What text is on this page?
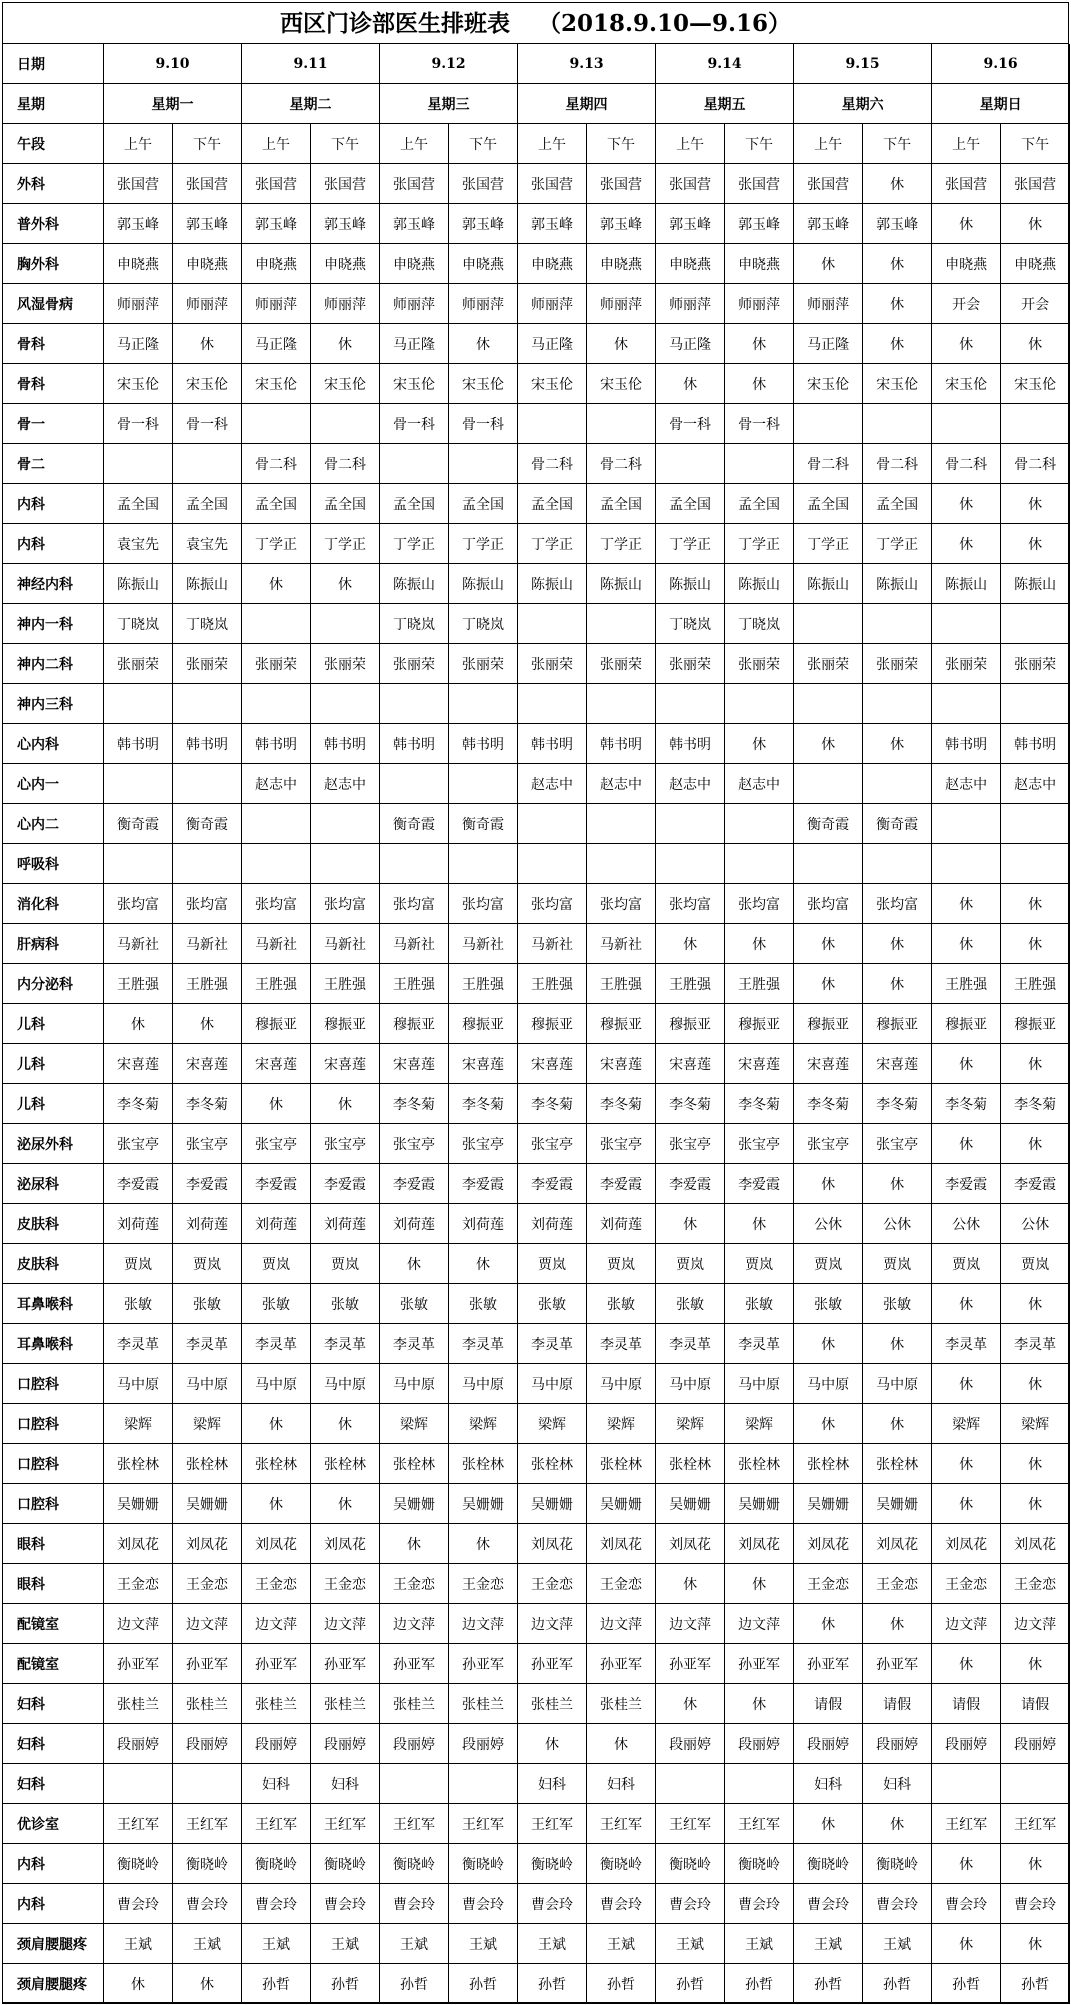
西区门诊部医生排班表 （2018.9.10—9.16）
日期	9.10		9.11		9.12		9.13		9.14		9.15		9.16	
星期	星期一		星期二		星期三		星期四		星期五		星期六		星期日	
午段	上午	下午	上午	下午	上午	下午	上午	下午	上午	下午	上午	下午	上午	下午
外科	张国营	张国营	张国营	张国营	张国营	张国营	张国营	张国营	张国营	张国营	张国营	休	张国营	张国营
普外科	郭玉峰	郭玉峰	郭玉峰	郭玉峰	郭玉峰	郭玉峰	郭玉峰	郭玉峰	郭玉峰	郭玉峰	郭玉峰	郭玉峰	休	休
胸外科	申晓燕	申晓燕	申晓燕	申晓燕	申晓燕	申晓燕	申晓燕	申晓燕	申晓燕	申晓燕	休	休	申晓燕	申晓燕
风湿骨病	师丽萍	师丽萍	师丽萍	师丽萍	师丽萍	师丽萍	师丽萍	师丽萍	师丽萍	师丽萍	师丽萍	休	开会	开会
骨科	马正隆	休	马正隆	休	马正隆	休	马正隆	休	马正隆	休	马正隆	休	休	休
骨科	宋玉伦	宋玉伦	宋玉伦	宋玉伦	宋玉伦	宋玉伦	宋玉伦	宋玉伦	休	休	宋玉伦	宋玉伦	宋玉伦	宋玉伦
骨一	骨一科	骨一科			骨一科	骨一科			骨一科	骨一科				
骨二			骨二科	骨二科			骨二科	骨二科			骨二科	骨二科	骨二科	骨二科
内科	孟全国	孟全国	孟全国	孟全国	孟全国	孟全国	孟全国	孟全国	孟全国	孟全国	孟全国	孟全国	休	休
内科	袁宝先	袁宝先	丁学正	丁学正	丁学正	丁学正	丁学正	丁学正	丁学正	丁学正	丁学正	丁学正	休	休
神经内科	陈振山	陈振山	休	休	陈振山	陈振山	陈振山	陈振山	陈振山	陈振山	陈振山	陈振山	陈振山	陈振山
神内一科	丁晓岚	丁晓岚			丁晓岚	丁晓岚			丁晓岚	丁晓岚				
神内二科	张丽荣	张丽荣	张丽荣	张丽荣	张丽荣	张丽荣	张丽荣	张丽荣	张丽荣	张丽荣	张丽荣	张丽荣	张丽荣	张丽荣
神内三科														
心内科	韩书明	韩书明	韩书明	韩书明	韩书明	韩书明	韩书明	韩书明	韩书明	休	休	休	韩书明	韩书明
心内一			赵志中	赵志中			赵志中	赵志中	赵志中	赵志中			赵志中	赵志中
心内二	衡奇霞	衡奇霞			衡奇霞	衡奇霞					衡奇霞	衡奇霞		
呼吸科														
消化科	张均富	张均富	张均富	张均富	张均富	张均富	张均富	张均富	张均富	张均富	张均富	张均富	休	休
肝病科	马新社	马新社	马新社	马新社	马新社	马新社	马新社	马新社	休	休	休	休	休	休
内分泌科	王胜强	王胜强	王胜强	王胜强	王胜强	王胜强	王胜强	王胜强	王胜强	王胜强	休	休	王胜强	王胜强
儿科	休	休	穆振亚	穆振亚	穆振亚	穆振亚	穆振亚	穆振亚	穆振亚	穆振亚	穆振亚	穆振亚	穆振亚	穆振亚
儿科	宋喜莲	宋喜莲	宋喜莲	宋喜莲	宋喜莲	宋喜莲	宋喜莲	宋喜莲	宋喜莲	宋喜莲	宋喜莲	宋喜莲	休	休
儿科	李冬菊	李冬菊	休	休	李冬菊	李冬菊	李冬菊	李冬菊	李冬菊	李冬菊	李冬菊	李冬菊	李冬菊	李冬菊
泌尿外科	张宝亭	张宝亭	张宝亭	张宝亭	张宝亭	张宝亭	张宝亭	张宝亭	张宝亭	张宝亭	张宝亭	张宝亭	休	休
泌尿科	李爱霞	李爱霞	李爱霞	李爱霞	李爱霞	李爱霞	李爱霞	李爱霞	李爱霞	李爱霞	休	休	李爱霞	李爱霞
皮肤科	刘荷莲	刘荷莲	刘荷莲	刘荷莲	刘荷莲	刘荷莲	刘荷莲	刘荷莲	休	休	公休	公休	公休	公休
皮肤科	贾岚	贾岚	贾岚	贾岚	休	休	贾岚	贾岚	贾岚	贾岚	贾岚	贾岚	贾岚	贾岚
耳鼻喉科	张敏	张敏	张敏	张敏	张敏	张敏	张敏	张敏	张敏	张敏	张敏	张敏	休	休
耳鼻喉科	李灵革	李灵革	李灵革	李灵革	李灵革	李灵革	李灵革	李灵革	李灵革	李灵革	休	休	李灵革	李灵革
口腔科	马中原	马中原	马中原	马中原	马中原	马中原	马中原	马中原	马中原	马中原	马中原	马中原	休	休
口腔科	梁辉	梁辉	休	休	梁辉	梁辉	梁辉	梁辉	梁辉	梁辉	休	休	梁辉	梁辉
口腔科	张栓林	张栓林	张栓林	张栓林	张栓林	张栓林	张栓林	张栓林	张栓林	张栓林	张栓林	张栓林	休	休
口腔科	吴姗姗	吴姗姗	休	休	吴姗姗	吴姗姗	吴姗姗	吴姗姗	吴姗姗	吴姗姗	吴姗姗	吴姗姗	休	休
眼科	刘凤花	刘凤花	刘凤花	刘凤花	休	休	刘凤花	刘凤花	刘凤花	刘凤花	刘凤花	刘凤花	刘凤花	刘凤花
眼科	王金恋	王金恋	王金恋	王金恋	王金恋	王金恋	王金恋	王金恋	休	休	王金恋	王金恋	王金恋	王金恋
配镜室	边文萍	边文萍	边文萍	边文萍	边文萍	边文萍	边文萍	边文萍	边文萍	边文萍	休	休	边文萍	边文萍
配镜室	孙亚军	孙亚军	孙亚军	孙亚军	孙亚军	孙亚军	孙亚军	孙亚军	孙亚军	孙亚军	孙亚军	孙亚军	休	休
妇科	张桂兰	张桂兰	张桂兰	张桂兰	张桂兰	张桂兰	张桂兰	张桂兰	休	休	请假	请假	请假	请假
妇科	段丽婷	段丽婷	段丽婷	段丽婷	段丽婷	段丽婷	休	休	段丽婷	段丽婷	段丽婷	段丽婷	段丽婷	段丽婷
妇科			妇科	妇科			妇科	妇科			妇科	妇科		
优诊室	王红军	王红军	王红军	王红军	王红军	王红军	王红军	王红军	王红军	王红军	休	休	王红军	王红军
内科	衡晓岭	衡晓岭	衡晓岭	衡晓岭	衡晓岭	衡晓岭	衡晓岭	衡晓岭	衡晓岭	衡晓岭	衡晓岭	衡晓岭	休	休
内科	曹会玲	曹会玲	曹会玲	曹会玲	曹会玲	曹会玲	曹会玲	曹会玲	曹会玲	曹会玲	曹会玲	曹会玲	曹会玲	曹会玲
颈肩腰腿疼	王斌	王斌	王斌	王斌	王斌	王斌	王斌	王斌	王斌	王斌	王斌	王斌	休	休
颈肩腰腿疼	休	休	孙哲	孙哲	孙哲	孙哲	孙哲	孙哲	孙哲	孙哲	孙哲	孙哲	孙哲	孙哲
